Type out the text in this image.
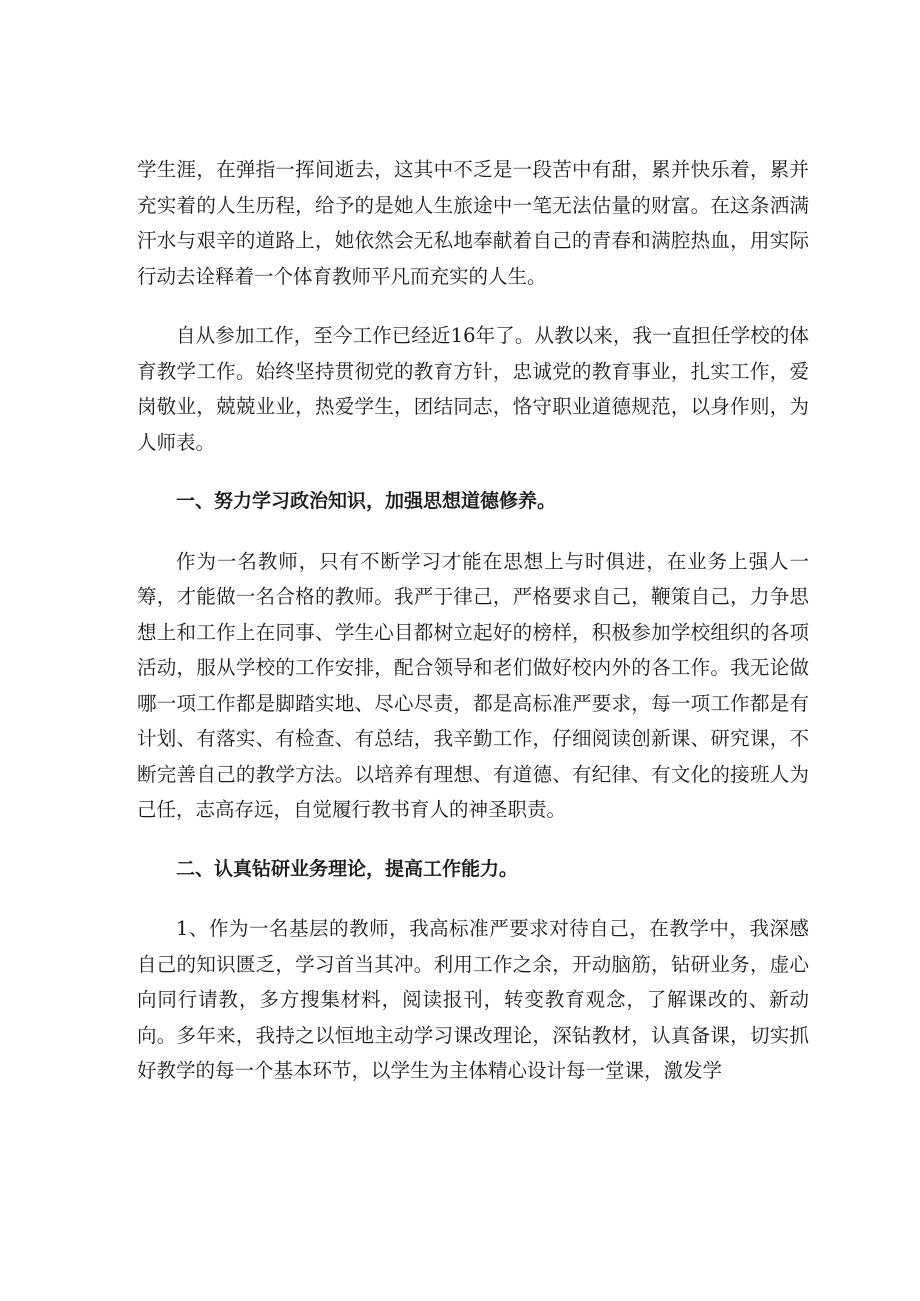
学生涯，在弹指一挥间逝去，这其中不乏是一段苦中有甜，累并快乐着，累并充实着的人生历程，给予的是她人生旅途中一笔无法估量的财富。在这条洒满汗水与艰辛的道路上，她依然会无私地奉献着自己的青春和满腔热血，用实际行动去诠释着一个体育教师平凡而充实的人生。

自从参加工作，至今工作已经近16年了。从教以来，我一直担任学校的体育教学工作。始终坚持贯彻党的教育方针，忠诚党的教育事业，扎实工作，爱岗敬业，兢兢业业，热爱学生，团结同志，恪守职业道德规范，以身作则，为人师表。

一、努力学习政治知识，加强思想道德修养。

作为一名教师，只有不断学习才能在思想上与时俱进，在业务上强人一筹，才能做一名合格的教师。我严于律己，严格要求自己，鞭策自己，力争思想上和工作上在同事、学生心目都树立起好的榜样，积极参加学校组织的各项活动，服从学校的工作安排，配合领导和老们做好校内外的各工作。我无论做哪一项工作都是脚踏实地、尽心尽责，都是高标准严要求，每一项工作都是有计划、有落实、有检查、有总结，我辛勤工作，仔细阅读创新课、研究课，不断完善自己的教学方法。以培养有理想、有道德、有纪律、有文化的接班人为己任，志高存远，自觉履行教书育人的神圣职责。

二、认真钻研业务理论，提高工作能力。

1、作为一名基层的教师，我高标准严要求对待自己，在教学中，我深感自己的知识匮乏，学习首当其冲。利用工作之余，开动脑筋，钻研业务，虚心向同行请教，多方搜集材料，阅读报刊，转变教育观念，了解课改的、新动向。多年来，我持之以恒地主动学习课改理论，深钻教材，认真备课，切实抓好教学的每一个基本环节，以学生为主体精心设计每一堂课，激发学
